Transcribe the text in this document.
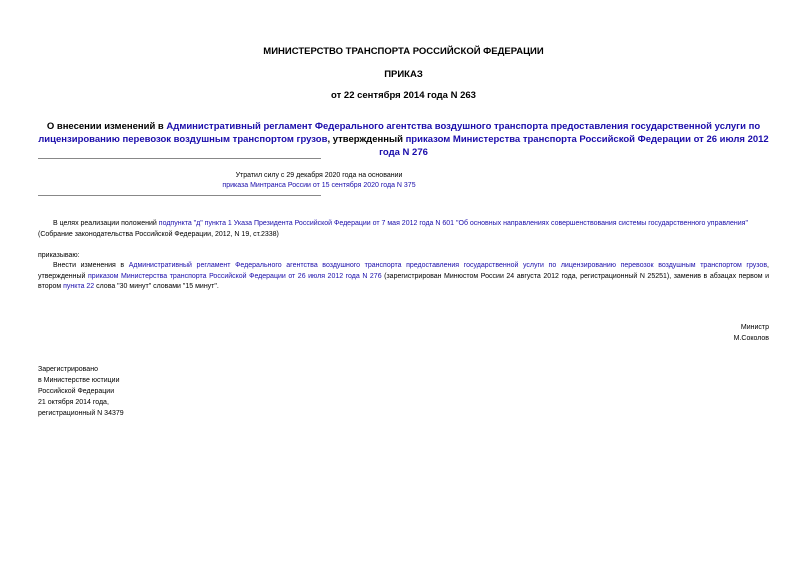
МИНИСТЕРСТВО ТРАНСПОРТА РОССИЙСКОЙ ФЕДЕРАЦИИ
ПРИКАЗ
от 22 сентября 2014 года N 263
О внесении изменений в Административный регламент Федерального агентства воздушного транспорта предоставления государственной услуги по лицензированию перевозок воздушным транспортом грузов, утвержденный приказом Министерства транспорта Российской Федерации от 26 июля 2012 года N 276
Утратил силу с 29 декабря 2020 года на основании
приказа Минтранса России от 15 сентября 2020 года N 375
В целях реализации положений подпункта "д" пункта 1 Указа Президента Российской Федерации от 7 мая 2012 года N 601 "Об основных направлениях совершенствования системы государственного управления" (Собрание законодательства Российской Федерации, 2012, N 19, ст.2338)
приказываю:
Внести изменения в Административный регламент Федерального агентства воздушного транспорта предоставления государственной услуги по лицензированию перевозок воздушным транспортом грузов, утвержденный приказом Министерства транспорта Российской Федерации от 26 июля 2012 года N 276 (зарегистрирован Минюстом России 24 августа 2012 года, регистрационный N 25251), заменив в абзацах первом и втором пункта 22 слова "30 минут" словами "15 минут".
Министр
М.Соколов
Зарегистрировано
в Министерстве юстиции
Российской Федерации
21 октября 2014 года,
регистрационный N 34379
